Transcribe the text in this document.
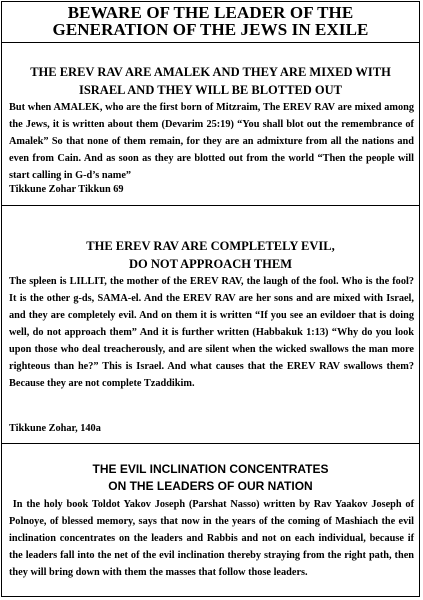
BEWARE OF THE LEADER OF THE
GENERATION OF THE JEWS IN EXILE
THE EREV RAV ARE AMALEK AND THEY ARE MIXED WITH
ISRAEL AND THEY WILL BE BLOTTED OUT

But when AMALEK, who are the first born of Mitzraim, The EREV RAV are mixed among the Jews, it is written about them (Devarim 25:19) “You shall blot out the remembrance of Amalek” So that none of them remain, for they are an admixture from all the nations and even from Cain. And as soon as they are blotted out from the world “Then the people will start calling in G-d’s name”

Tikkune Zohar Tikkun 69
THE EREV RAV ARE COMPLETELY EVIL,
DO NOT APPROACH THEM

The spleen is LILLIT, the mother of the EREV RAV, the laugh of the fool. Who is the fool? It is the other g-ds, SAMA-el. And the EREV RAV are her sons and are mixed with Israel, and they are completely evil. And on them it is written “If you see an evildoer that is doing well, do not approach them” And it is further written (Habbakuk 1:13) “Why do you look upon those who deal treacherously, and are silent when the wicked swallows the man more righteous than he?” This is Israel. And what causes that the EREV RAV swallows them? Because they are not complete Tzaddikim.

Tikkune Zohar, 140a
THE EVIL INCLINATION CONCENTRATES
ON THE LEADERS OF OUR NATION

In the holy book Toldot Yakov Joseph (Parshat Nasso) written by Rav Yaakov Joseph of Polnoye, of blessed memory, says that now in the years of the coming of Mashiach the evil inclination concentrates on the leaders and Rabbis and not on each individual, because if the leaders fall into the net of the evil inclination thereby straying from the right path, then they will bring down with them the masses that follow those leaders.
